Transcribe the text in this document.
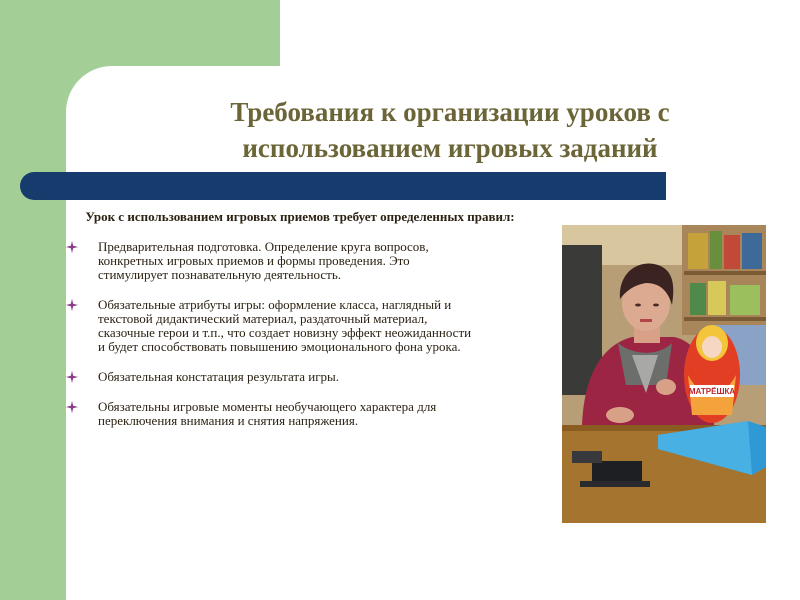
Требования к организации уроков с
использованием игровых заданий
Урок с использованием игровых приемов требует определенных правил:
Предварительная подготовка. Определение круга вопросов, конкретных игровых приемов и формы проведения. Это стимулирует познавательную деятельность.
Обязательные атрибуты игры: оформление класса, наглядный и текстовой дидактический материал, раздаточный материал, сказочные герои и т.п., что создает новизну эффект неожиданности и будет способствовать повышению эмоционального фона урока.
Обязательная констатация результата игры.
Обязательны игровые моменты необучающего характера для переключения внимания и снятия напряжения.
МАТРЁШКА
